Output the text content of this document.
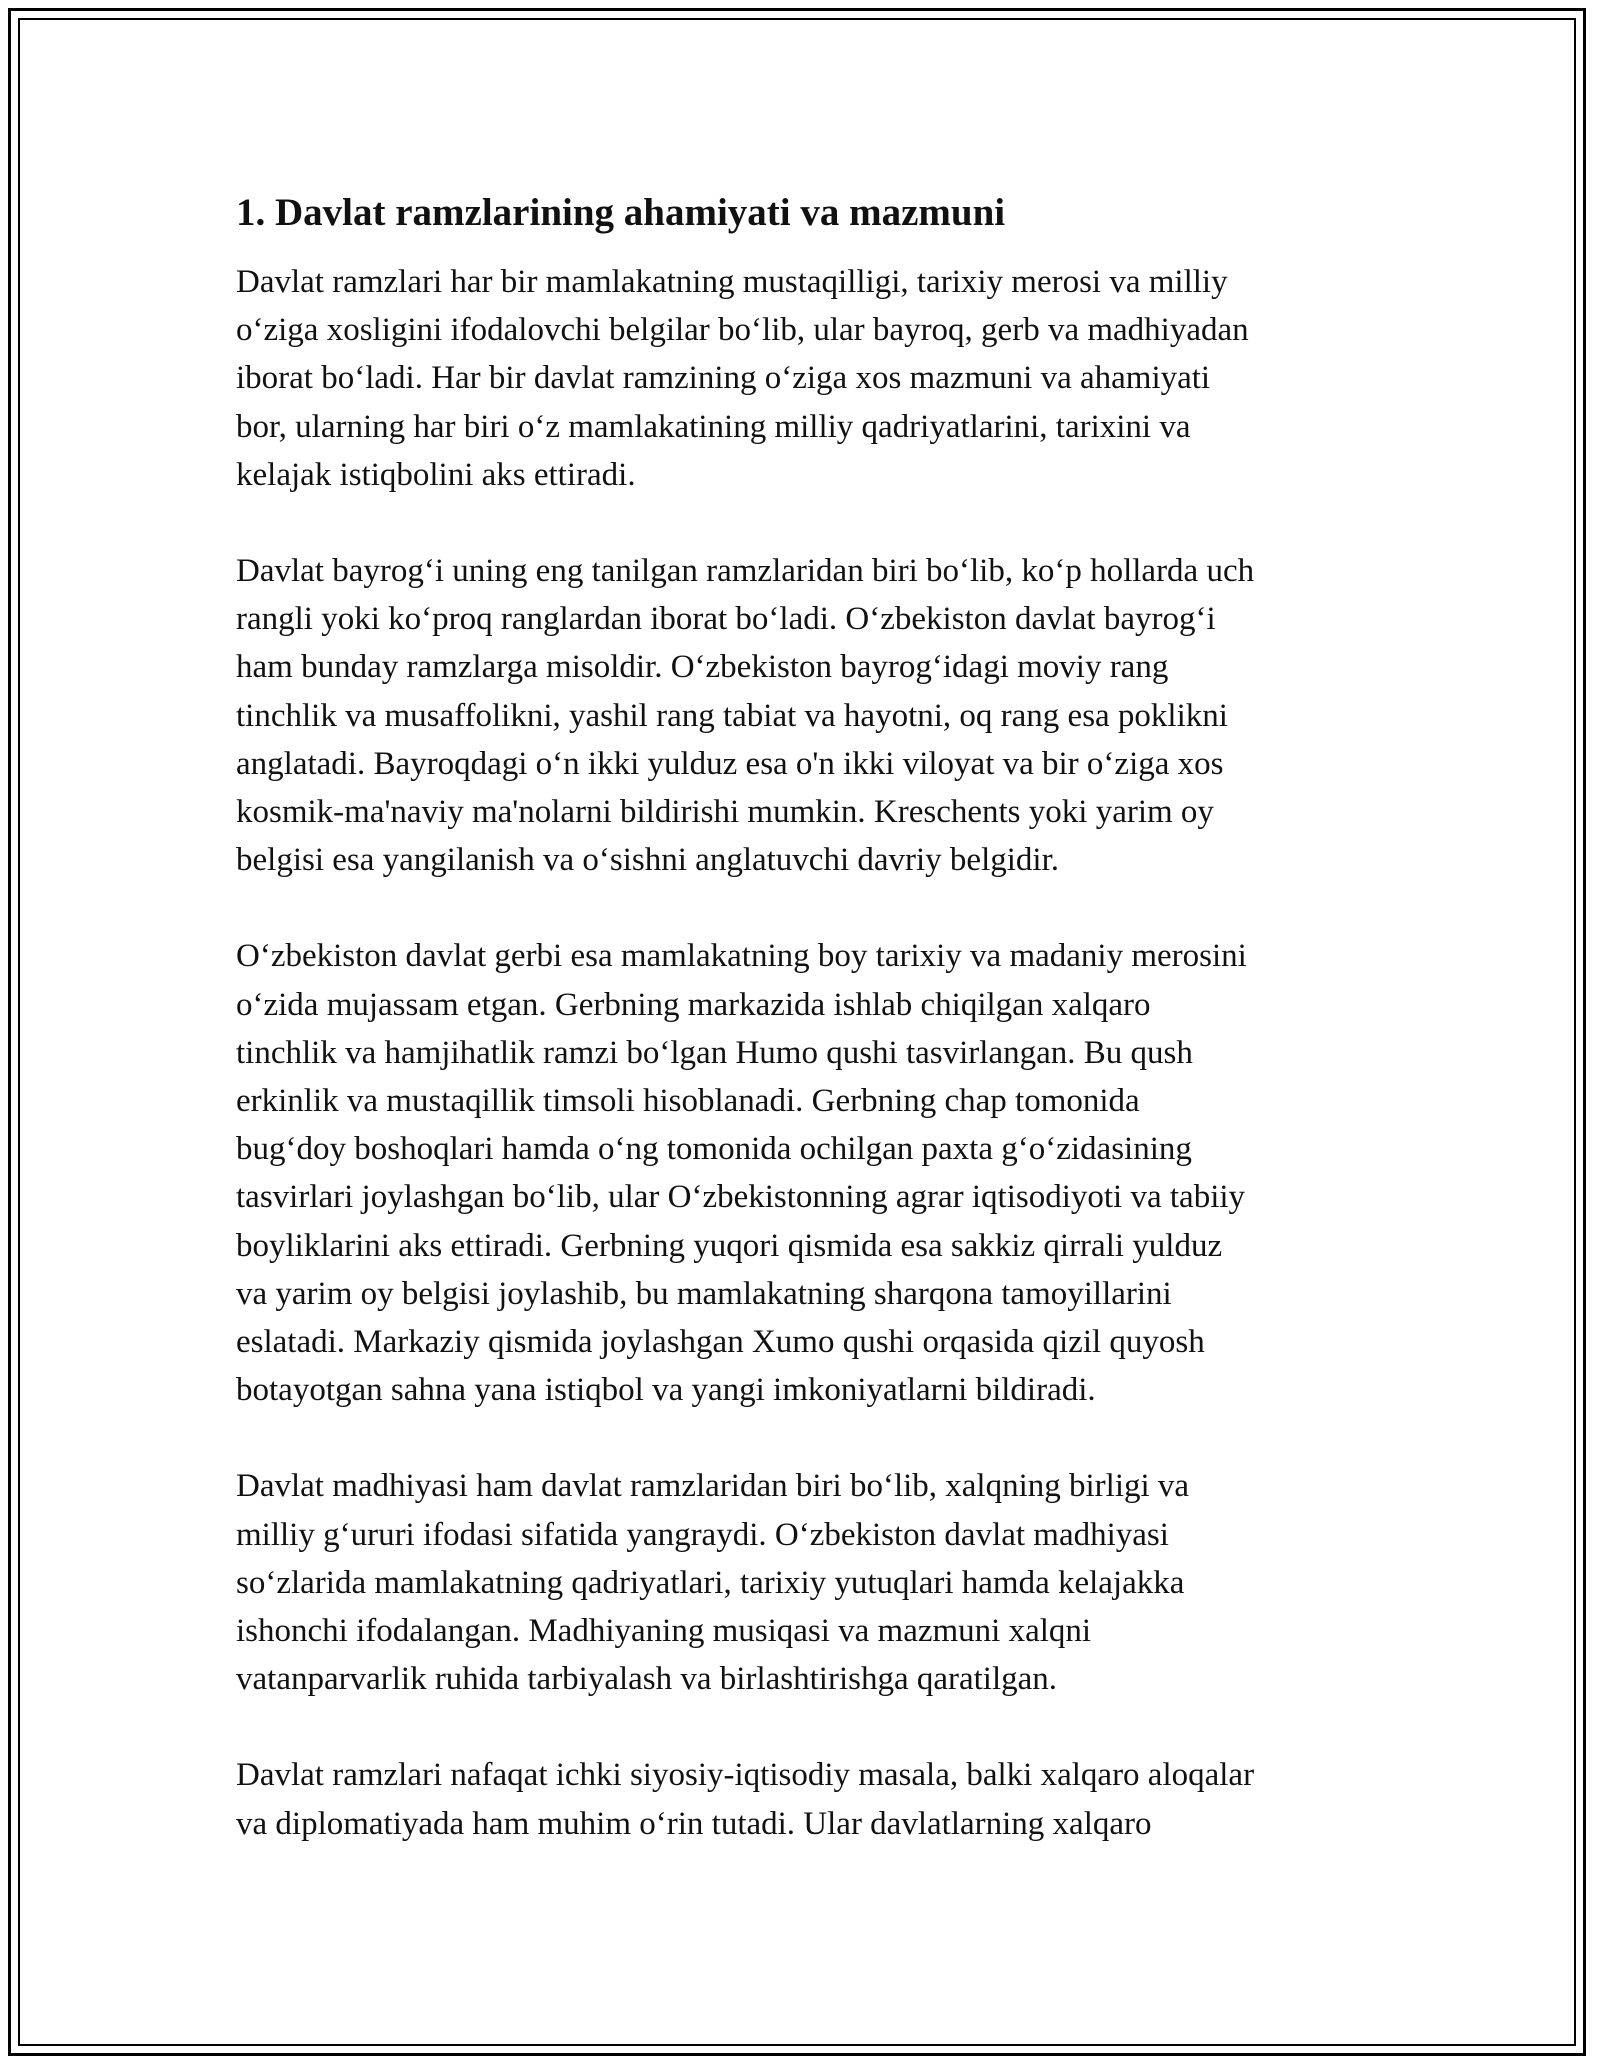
1. Davlat ramzlarining ahamiyati va mazmuni

Davlat ramzlari har bir mamlakatning mustaqilligi, tarixiy merosi va milliy
o‘ziga xosligini ifodalovchi belgilar bo‘lib, ular bayroq, gerb va madhiyadan
iborat bo‘ladi. Har bir davlat ramzining o‘ziga xos mazmuni va ahamiyati
bor, ularning har biri o‘z mamlakatining milliy qadriyatlarini, tarixini va
kelajak istiqbolini aks ettiradi.

Davlat bayrog‘i uning eng tanilgan ramzlaridan biri bo‘lib, ko‘p hollarda uch
rangli yoki ko‘proq ranglardan iborat bo‘ladi. O‘zbekiston davlat bayrog‘i
ham bunday ramzlarga misoldir. O‘zbekiston bayrog‘idagi moviy rang
tinchlik va musaffolikni, yashil rang tabiat va hayotni, oq rang esa poklikni
anglatadi. Bayroqdagi o‘n ikki yulduz esa o'n ikki viloyat va bir o‘ziga xos
kosmik-ma'naviy ma'nolarni bildirishi mumkin. Kreschents yoki yarim oy
belgisi esa yangilanish va o‘sishni anglatuvchi davriy belgidir.

O‘zbekiston davlat gerbi esa mamlakatning boy tarixiy va madaniy merosini
o‘zida mujassam etgan. Gerbning markazida ishlab chiqilgan xalqaro
tinchlik va hamjihatlik ramzi bo‘lgan Humo qushi tasvirlangan. Bu qush
erkinlik va mustaqillik timsoli hisoblanadi. Gerbning chap tomonida
bug‘doy boshoqlari hamda o‘ng tomonida ochilgan paxta g‘o‘zidasining
tasvirlari joylashgan bo‘lib, ular O‘zbekistonning agrar iqtisodiyoti va tabiiy
boyliklarini aks ettiradi. Gerbning yuqori qismida esa sakkiz qirrali yulduz
va yarim oy belgisi joylashib, bu mamlakatning sharqona tamoyillarini
eslatadi. Markaziy qismida joylashgan Xumo qushi orqasida qizil quyosh
botayotgan sahna yana istiqbol va yangi imkoniyatlarni bildiradi.

Davlat madhiyasi ham davlat ramzlaridan biri bo‘lib, xalqning birligi va
milliy g‘ururi ifodasi sifatida yangraydi. O‘zbekiston davlat madhiyasi
so‘zlarida mamlakatning qadriyatlari, tarixiy yutuqlari hamda kelajakka
ishonchi ifodalangan. Madhiyaning musiqasi va mazmuni xalqni
vatanparvarlik ruhida tarbiyalash va birlashtirishga qaratilgan.

Davlat ramzlari nafaqat ichki siyosiy-iqtisodiy masala, balki xalqaro aloqalar
va diplomatiyada ham muhim o‘rin tutadi. Ular davlatlarning xalqaro
